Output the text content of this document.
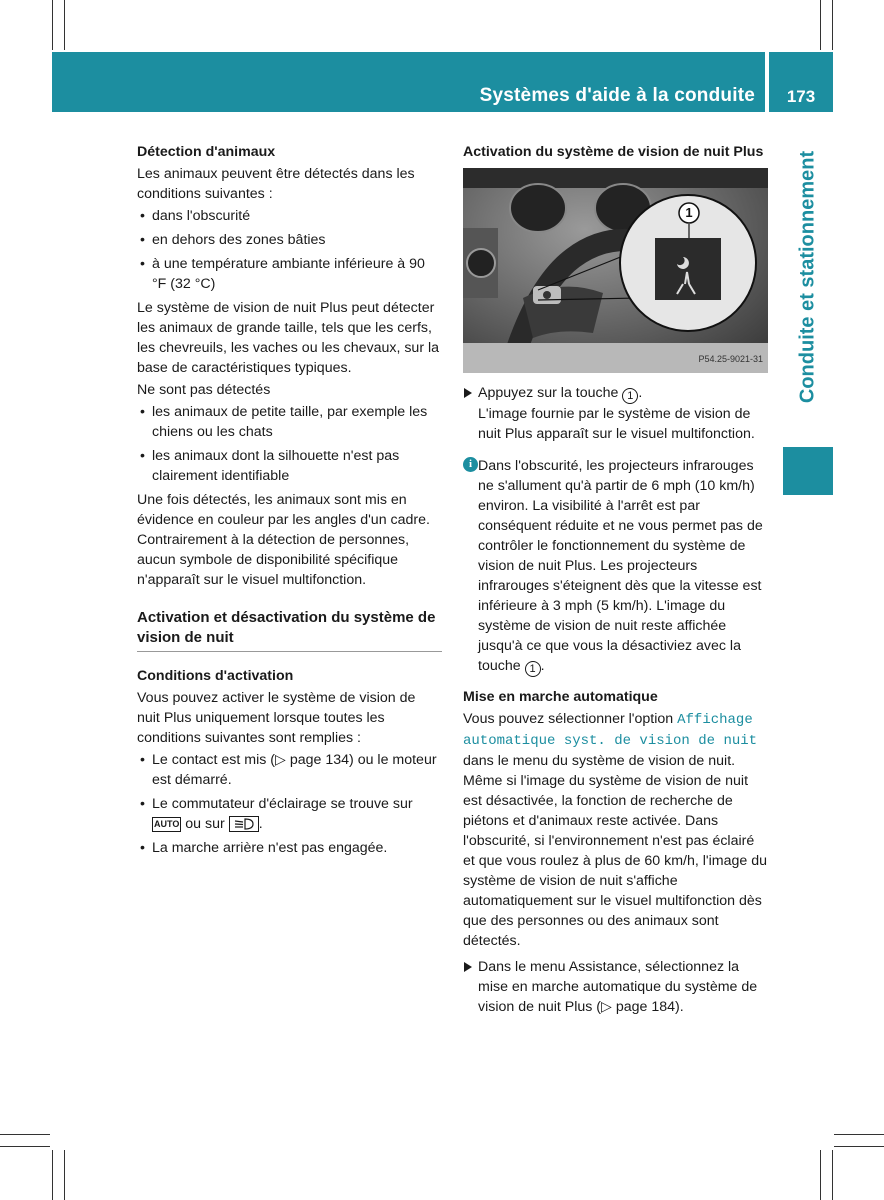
Systèmes d'aide à la conduite	173
Conduite et stationnement
Détection d'animaux

Les animaux peuvent être détectés dans les conditions suivantes :

• dans l'obscurité
• en dehors des zones bâties
• à une température ambiante inférieure à 90 °F (32 °C)

Le système de vision de nuit Plus peut détecter les animaux de grande taille, tels que les cerfs, les chevreuils, les vaches ou les chevaux, sur la base de caractéristiques typiques.

Ne sont pas détectés

• les animaux de petite taille, par exemple les chiens ou les chats
• les animaux dont la silhouette n'est pas clairement identifiable

Une fois détectés, les animaux sont mis en évidence en couleur par les angles d'un cadre. Contrairement à la détection de personnes, aucun symbole de disponibilité spécifique n'apparaît sur le visuel multifonction.

Activation et désactivation du système de vision de nuit
Conditions d'activation

Vous pouvez activer le système de vision de nuit Plus uniquement lorsque toutes les conditions suivantes sont remplies :

• Le contact est mis (▷ page 134) ou le moteur est démarré.
• Le commutateur d'éclairage se trouve sur AUTO ou sur .
• La marche arrière n'est pas engagée.
Activation du système de vision de nuit Plus
1
P54.25-9021-31
Appuyez sur la touche 1 .
L'image fournie par le système de vision de nuit Plus apparaît sur le visuel multifonction.
i Dans l'obscurité, les projecteurs infrarouges ne s'allument qu'à partir de 6 mph (10 km/h) environ. La visibilité à l'arrêt est par conséquent réduite et ne vous permet pas de contrôler le fonctionnement du système de vision de nuit Plus. Les projecteurs infrarouges s'éteignent dès que la vitesse est inférieure à 3 mph (5 km/h). L'image du système de vision de nuit reste affichée jusqu'à ce que vous la désactiviez avec la touche 1 .
Mise en marche automatique

Vous pouvez sélectionner l'option Affichage automatique syst. de vision de nuit dans le menu du système de vision de nuit. Même si l'image du système de vision de nuit est désactivée, la fonction de recherche de piétons et d'animaux reste activée. Dans l'obscurité, si l'environnement n'est pas éclairé et que vous roulez à plus de 60 km/h, l'image du système de vision de nuit s'affiche automatiquement sur le visuel multifonction dès que des personnes ou des animaux sont détectés.

Dans le menu Assistance, sélectionnez la mise en marche automatique du système de vision de nuit Plus (▷ page 184).
